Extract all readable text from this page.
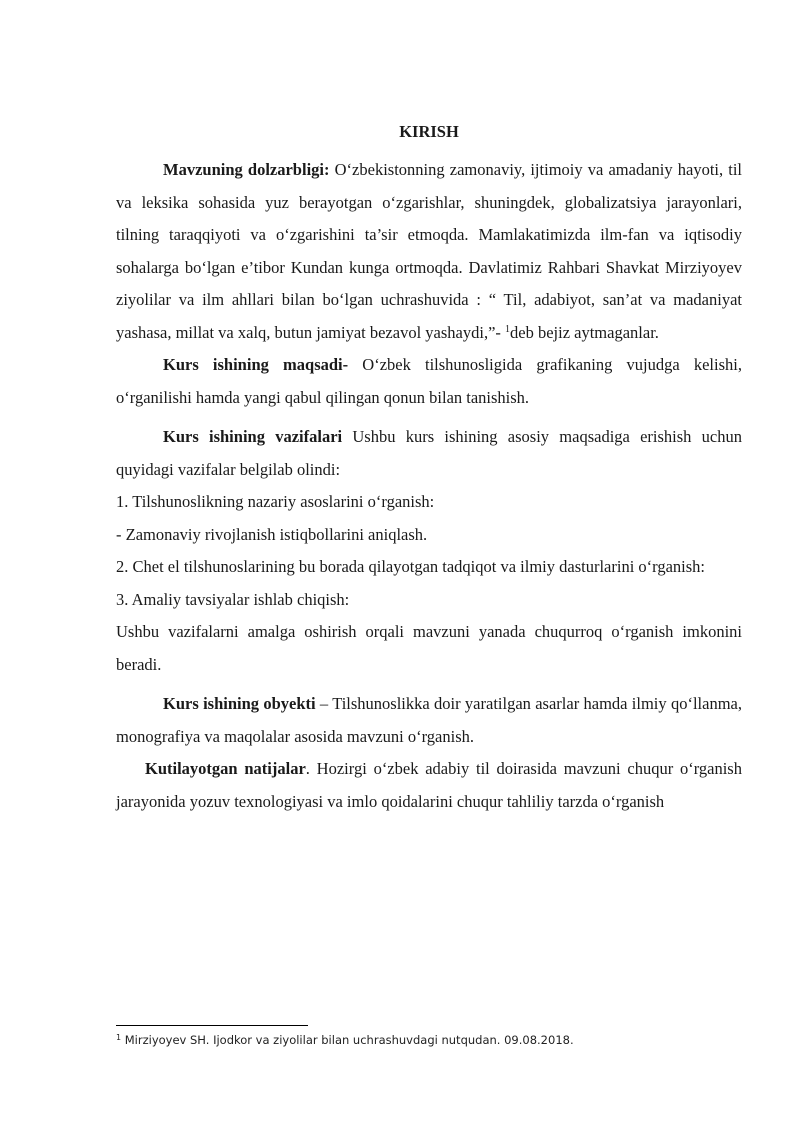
KIRISH

Mavzuning dolzarbligi: O‘zbekistonning zamonaviy, ijtimoiy va amadaniy hayoti, til va leksika sohasida yuz berayotgan o‘zgarishlar, shuningdek, globalizatsiya jarayonlari, tilning taraqqiyoti va o‘zgarishini ta’sir etmoqda. Mamlakatimizda ilm-fan va iqtisodiy sohalarga bo‘lgan e’tibor Kundan kunga ortmoqda. Davlatimiz Rahbari Shavkat Mirziyoyev ziyolilar va ilm ahllari bilan bo‘lgan uchrashuvida : “ Til, adabiyot, san’at va madaniyat yashasa, millat va xalq, butun jamiyat bezavol yashaydi,”- $^1$deb bejiz aytmaganlar.

Kurs ishining maqsadi- O‘zbek tilshunosligida grafikaning vujudga kelishi, o‘rganilishi hamda yangi qabul qilingan qonun bilan tanishish.

Kurs ishining vazifalari Ushbu kurs ishining asosiy maqsadiga erishish uchun quyidagi vazifalar belgilab olindi:

1. Tilshunoslikning nazariy asoslarini o‘rganish:

- Zamonaviy rivojlanish istiqbollarini aniqlash.

2. Chet el tilshunoslarining bu borada qilayotgan tadqiqot va ilmiy dasturlarini o‘rganish:

3. Amaliy tavsiyalar ishlab chiqish:

Ushbu vazifalarni amalga oshirish orqali mavzuni yanada chuqurroq o‘rganish imkonini beradi.

Kurs ishining obyekti – Tilshunoslikka doir yaratilgan asarlar hamda ilmiy qo‘llanma, monografiya va maqolalar asosida mavzuni o‘rganish.

Kutilayotgan natijalar. Hozirgi o‘zbek adabiy til doirasida mavzuni chuqur o‘rganish jarayonida yozuv texnologiyasi va imlo qoidalarini chuqur tahliliy tarzda o‘rganish

$^1$ Mirziyoyev SH. Ijodkor va ziyolilar bilan uchrashuvdagi nutqudan. 09.08.2018.
